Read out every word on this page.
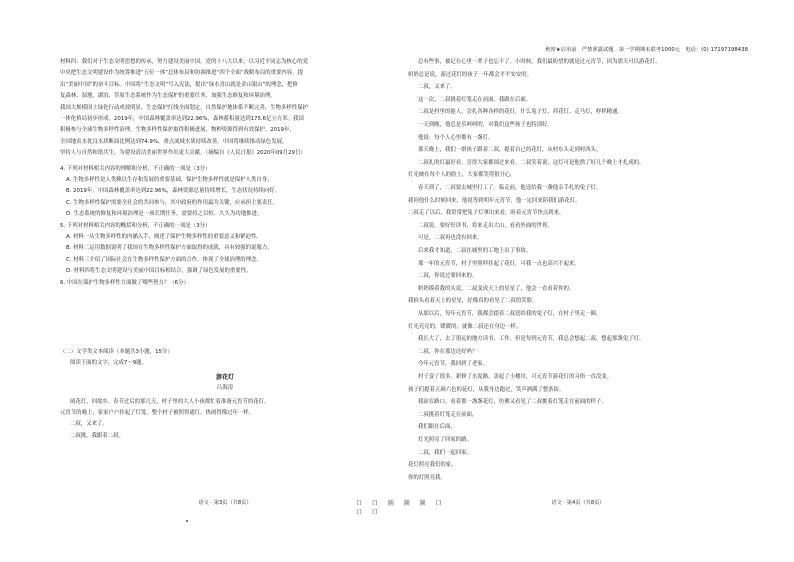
材料四：我们对于生态文明思想的传承，努力建设美丽中国。党的十八大以来，以习近平同志为核心的党
中央把生态文明建设作为统筹推进“五位一体”总体布局和协调推进“四个全面”战略布局的重要内容，提
出“美丽中国”的奋斗目标。中国将“生态文明”写入宪法，提出“绿水青山就是金山银山”的理念，把修
复森林、湿地、湖泊、草原生态系统作为生态保护的重要任务，加强生态修复和环境治理。
我国大规模国土绿化行动成效明显，生态保护红线全面划定，自然保护地体系不断完善，生物多样性保护
一体化格局初步形成。2019年，中国森林覆盖率达到22.96%，森林蓄积量达到175.6亿立方米。我国
积极参与全球生物多样性治理，生物多样性保护取得积极进展，物种资源得到有效保护。2019年，
全国地表水优良水质断面比例达到74.9%，重点流域水质持续改善。中国将继续推动绿色发展，
坚持人与自然和谐共生，为建设清洁美丽世界作出更大贡献。（摘编自《人民日报》2020年09月29日）
4. 下列对材料相关内容的理解和分析，不正确的一项是（3分）
A. 生物多样性是人类赖以生存和发展的重要基础，保护生物多样性就是保护人类自身。
B. 2019年，中国森林覆盖率达到22.96%，森林资源总量持续增长，生态状况持续向好。
C. 生物多样性保护需要全社会的共同参与，其中政府的作用最为关键，应承担主要责任。
D. 生态系统的修复和环境治理是一项长期任务，需要持之以恒、久久为功地推进。
5. 下列对材料相关内容的概括和分析，不正确的一项是（3分）
A. 材料一从生物多样性的内涵入手，阐述了保护生物多样性的重要意义和紧迫性。
B. 材料二运用数据说明了我国在生物多样性保护方面取得的成就，具有较强的说服力。
C. 材料三介绍了国际社会在生物多样性保护方面的合作，体现了全球治理的理念。
D. 材料四将生态文明建设与美丽中国目标相结合，强调了绿色发展的重要性。
6. 中国在保护生物多样性方面做了哪些努力？（6分）
（二）文学类文本阅读（本题共3小题，15分）
阅读下面的文字，完成7～9题。
游花灯
吕海涛
闹花灯，回故乡。春节过后的那几天，村子里的大人小孩都忙着准备元宵节的花灯。
元宵节的晚上，家家户户挂起了灯笼，整个村子被照得通红，热闹得像过年一样。
二叔，又来了。
二叔挑，我跟着二叔。
语文 · 第3页（共8页）	口 口 圖 圖 圖 口 口 口
绝密★启用前　严禁泄露试题　第一学期期末联考1000元　电话：(0) 17197198438
总有些事，被记在心里一辈子也忘不了。小时候，我们最盼望的就是过元宵节，因为那天可以游花灯。
奶奶总是说，游过花灯的孩子一年都会平平安安的。
二叔，又来了。
这一次，二叔挑着灯笼走在前面，我跟在后面。
二叔是村里的能人，会扎各种各样的花灯，什么兔子灯、荷花灯、走马灯，样样精通。
一天到晚，他总是乐呵呵的，对我们这些孩子也特别好。
他说：每个人心里都有一盏灯。
那天晚上，我们一群孩子跟着二叔，提着自己的花灯，从村东头走到村西头。
二叔扎的灯最好看，引得大家都围过来看。二叔笑着说，这灯可是他熬了好几个晚上才扎成的。
灯光映在每个人的脸上，大家都笑得很开心。
春天到了，二叔要去城里打工了。临走前，他送给我一盏他亲手扎的兔子灯。
我问他什么时候回来，他说等到明年元宵节，他一定回来陪我们游花灯。
二叔走了以后，我常常把兔子灯拿出来看，盼着元宵节快点到来。
二叔说，要好好读书，将来走出大山，看看外面的世界。
可是，二叔再也没有回来。
后来我才知道，二叔在城里的工地上出了事故。
那一年的元宵节，村子里照样挂起了花灯，可我一点也高兴不起来。
二叔，你说过要回来的。
奶奶摸着我的头说，二叔变成天上的星星了，他会一直看着你的。
我抬头看着天上的星星，好像真的看见了二叔的笑脸。
从那以后，每年元宵节，我都会提着二叔送给我的兔子灯，在村子里走一圈。
灯光亮亮的，暖暖的，就像二叔还在身边一样。
我长大了，去了很远的地方读书、工作。但是每到元宵节，我总会想起二叔，想起那盏兔子灯。
二叔，你在那边还好吗？
今年元宵节，我回到了老家。
村子变了很多，新修了水泥路，盖起了小楼房，可元宵节游花灯的习俗一直没变。
孩子们提着五颜六色的花灯，从我身边跑过，笑声洒满了整条街。
我站在路口，看着那一盏盏花灯，仿佛又看见了二叔挑着灯笼走在前面的样子。
二叔挑着灯笼走在前面，
我们跟在后面，
灯光照亮了回家的路。
二叔，我们一起回家。
花灯照亮我们的家，
你的灯照亮我。
语文 · 第4页（共8页）
